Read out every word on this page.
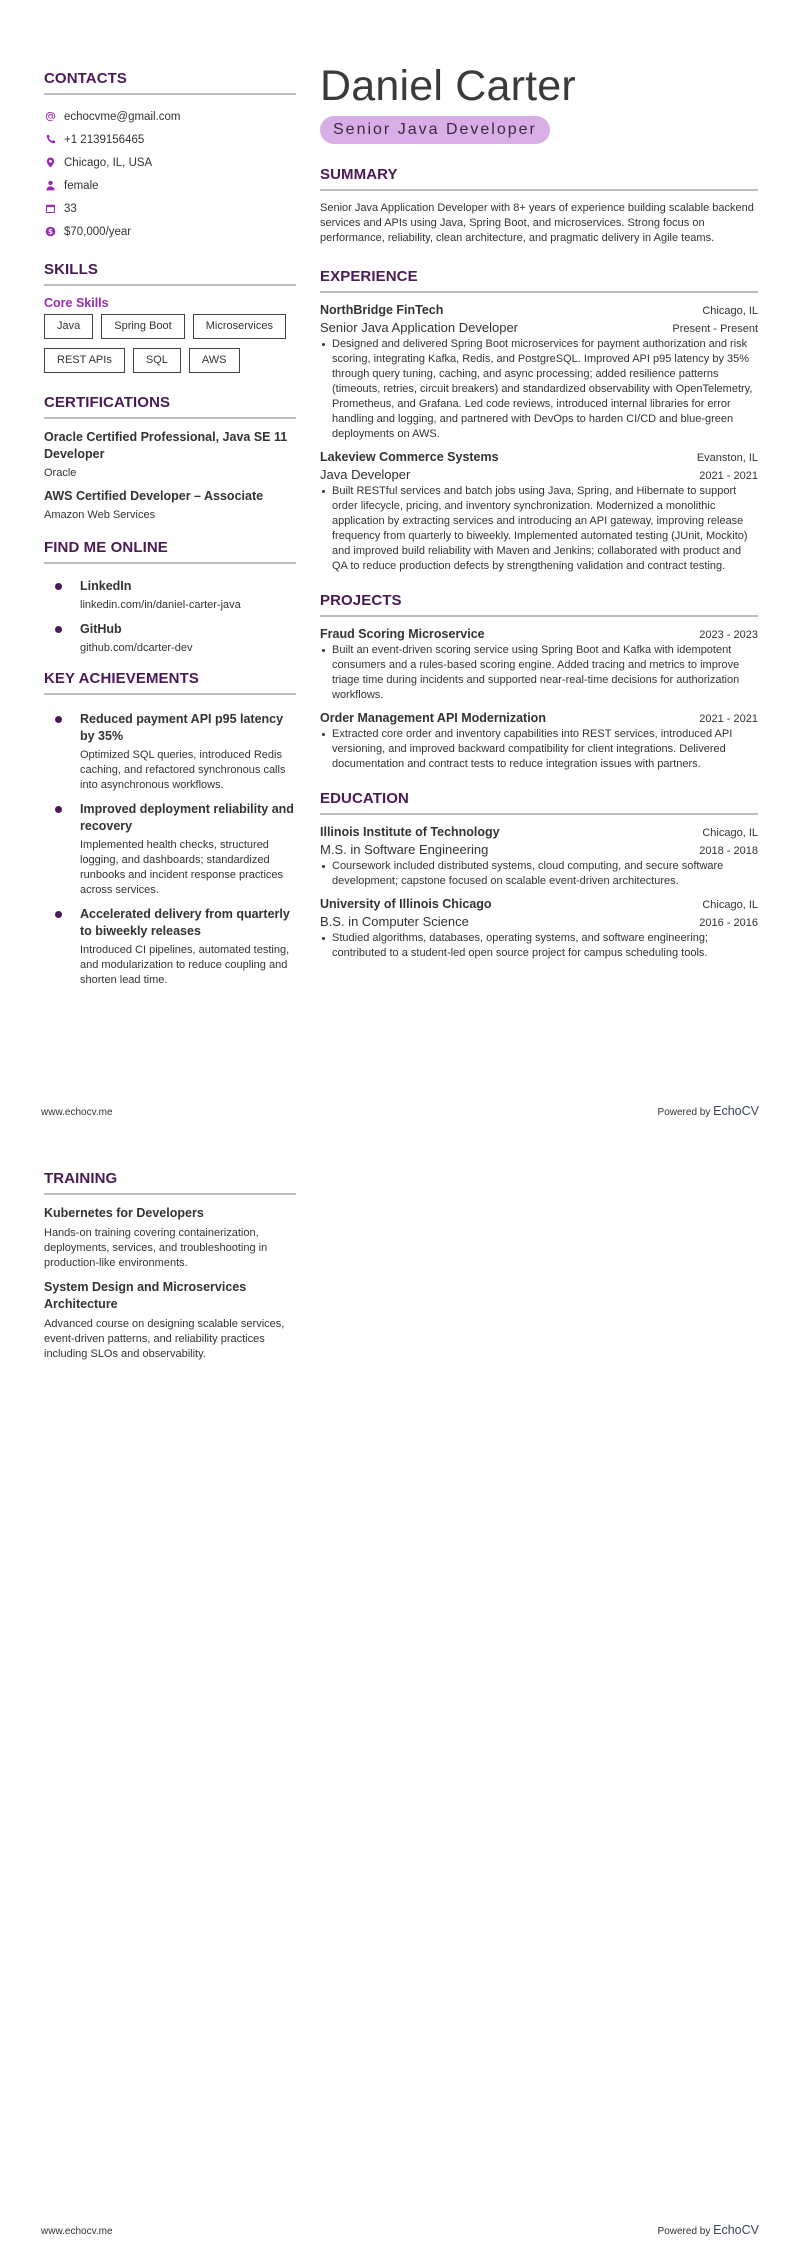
CONTACTS
echocvme@gmail.com
+1 2139156465
Chicago, IL, USA
female
33
$ $70,000/year
SKILLS
Core Skills
Java	Spring Boot	Microservices
REST APIs	SQL	AWS
CERTIFICATIONS
Oracle Certified Professional, Java SE 11 Developer
Oracle
AWS Certified Developer – Associate
Amazon Web Services
FIND ME ONLINE
LinkedIn
linkedin.com/in/daniel-carter-java
GitHub
github.com/dcarter-dev
KEY ACHIEVEMENTS
Reduced payment API p95 latency by 35%
Optimized SQL queries, introduced Redis caching, and refactored synchronous calls into asynchronous workflows.
Improved deployment reliability and recovery
Implemented health checks, structured logging, and dashboards; standardized runbooks and incident response practices across services.
Accelerated delivery from quarterly to biweekly releases
Introduced CI pipelines, automated testing, and modularization to reduce coupling and shorten lead time.
Daniel Carter
Senior Java Developer
SUMMARY

Senior Java Application Developer with 8+ years of experience building scalable backend services and APIs using Java, Spring Boot, and microservices. Strong focus on performance, reliability, clean architecture, and pragmatic delivery in Agile teams.

EXPERIENCE
NorthBridge FinTech	Chicago, IL
Senior Java Application Developer	Present - Present
Designed and delivered Spring Boot microservices for payment authorization and risk scoring, integrating Kafka, Redis, and PostgreSQL. Improved API p95 latency by 35% through query tuning, caching, and async processing; added resilience patterns (timeouts, retries, circuit breakers) and standardized observability with OpenTelemetry, Prometheus, and Grafana. Led code reviews, introduced internal libraries for error handling and logging, and partnered with DevOps to harden CI/CD and blue-green deployments on AWS.
Lakeview Commerce Systems	Evanston, IL
Java Developer	2021 - 2021
Built RESTful services and batch jobs using Java, Spring, and Hibernate to support order lifecycle, pricing, and inventory synchronization. Modernized a monolithic application by extracting services and introducing an API gateway, improving release frequency from quarterly to biweekly. Implemented automated testing (JUnit, Mockito) and improved build reliability with Maven and Jenkins; collaborated with product and QA to reduce production defects by strengthening validation and contract testing.
PROJECTS
Fraud Scoring Microservice	2023 - 2023
Built an event-driven scoring service using Spring Boot and Kafka with idempotent consumers and a rules-based scoring engine. Added tracing and metrics to improve triage time during incidents and supported near-real-time decisions for authorization workflows.
Order Management API Modernization	2021 - 2021
Extracted core order and inventory capabilities into REST services, introduced API versioning, and improved backward compatibility for client integrations. Delivered documentation and contract tests to reduce integration issues with partners.
EDUCATION
Illinois Institute of Technology	Chicago, IL
M.S. in Software Engineering	2018 - 2018
Coursework included distributed systems, cloud computing, and secure software development; capstone focused on scalable event-driven architectures.
University of Illinois Chicago	Chicago, IL
B.S. in Computer Science	2016 - 2016
Studied algorithms, databases, operating systems, and software engineering; contributed to a student-led open source project for campus scheduling tools.
www.echocv.me	Powered by EchoCV
TRAINING
Kubernetes for Developers
Hands-on training covering containerization, deployments, services, and troubleshooting in production-like environments.
System Design and Microservices Architecture
Advanced course on designing scalable services, event-driven patterns, and reliability practices including SLOs and observability.
www.echocv.me	Powered by EchoCV
